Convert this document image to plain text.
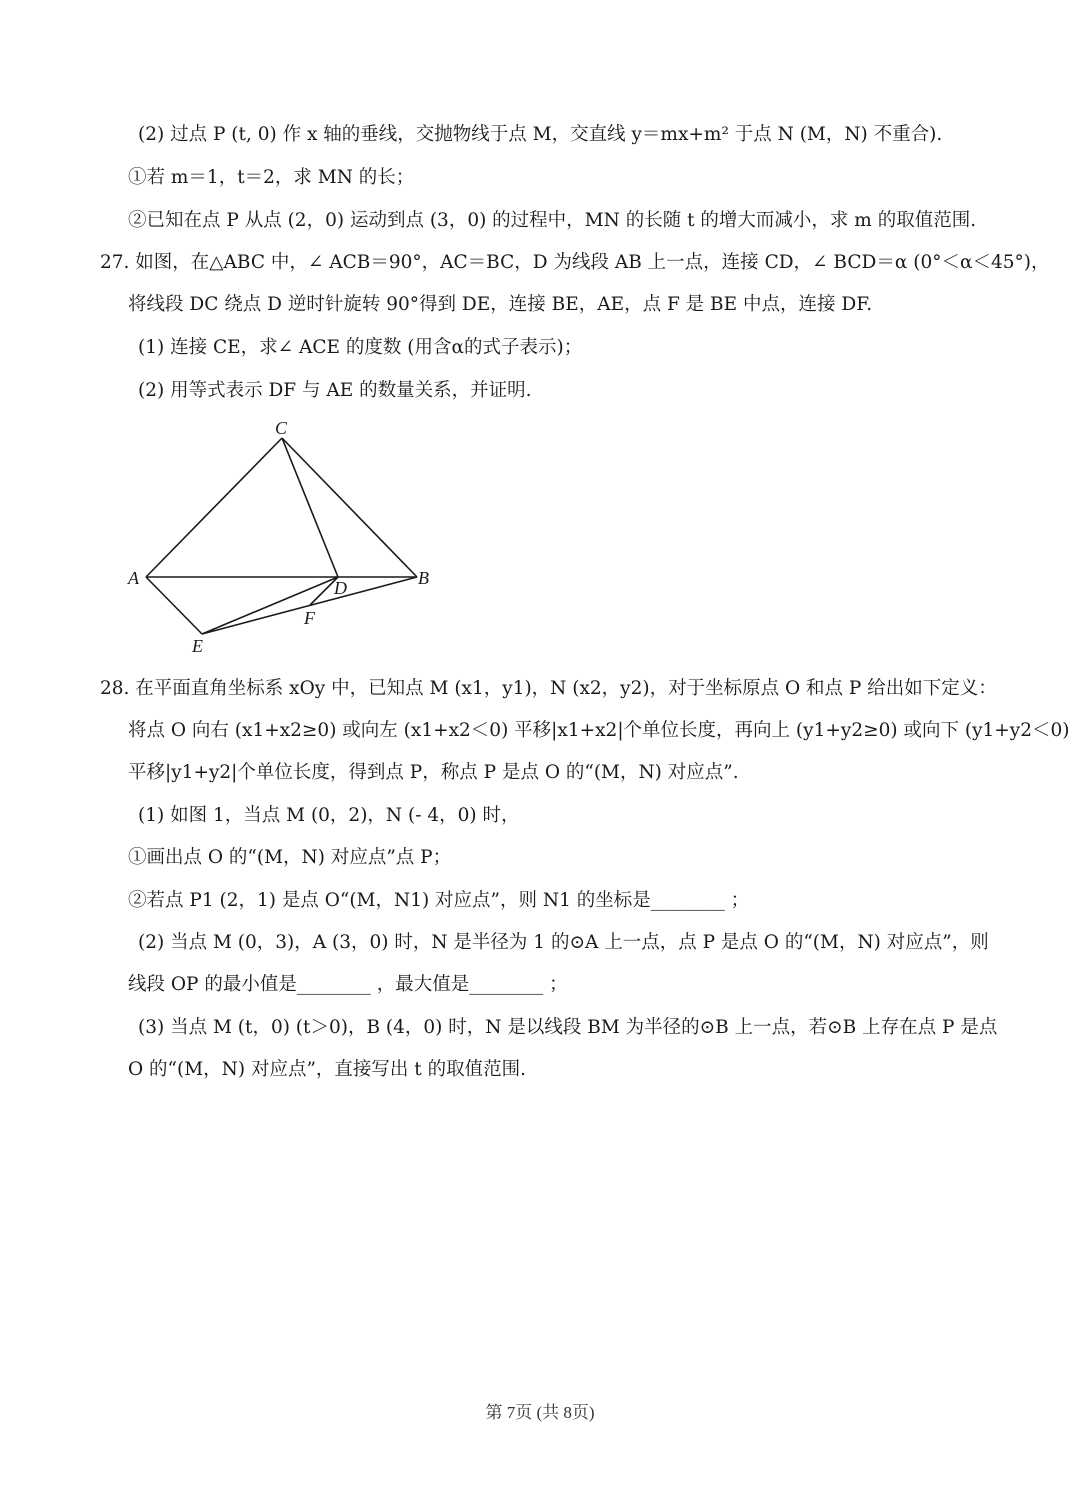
(2) 过点 P (t, 0) 作 x 轴的垂线，交抛物线于点 M，交直线 y＝mx+m² 于点 N (M，N) 不重合).
①若 m＝1，t＝2，求 MN 的长；
②已知在点 P 从点 (2，0) 运动到点 (3，0) 的过程中，MN 的长随 t 的增大而减小，求 m 的取值范围.
27. 如图，在△ABC 中，∠ ACB＝90°，AC＝BC，D 为线段 AB 上一点，连接 CD，∠ BCD＝α (0°＜α＜45°)，
将线段 DC 绕点 D 逆时针旋转 90°得到 DE，连接 BE，AE，点 F 是 BE 中点，连接 DF.
(1) 连接 CE，求∠ ACE 的度数 (用含α的式子表示)；
(2) 用等式表示 DF 与 AE 的数量关系，并证明.
C
A	B
D
F
E
28. 在平面直角坐标系 xOy 中，已知点 M (x1，y1)，N (x2，y2)，对于坐标原点 O 和点 P 给出如下定义：
将点 O 向右 (x1+x2≥0) 或向左 (x1+x2＜0) 平移|x1+x2|个单位长度，再向上 (y1+y2≥0) 或向下 (y1+y2＜0)
平移|y1+y2|个单位长度，得到点 P，称点 P 是点 O 的“(M，N) 对应点”.
(1) 如图 1，当点 M (0，2)，N (- 4，0) 时，
①画出点 O 的“(M，N) 对应点”点 P；
②若点 P1 (2，1) 是点 O“(M，N1) 对应点”，则 N1 的坐标是________ ；
(2) 当点 M (0，3)，A (3，0) 时，N 是半径为 1 的⊙A 上一点，点 P 是点 O 的“(M，N) 对应点”，则
线段 OP 的最小值是________ ，最大值是________ ；
(3) 当点 M (t，0) (t＞0)，B (4，0) 时，N 是以线段 BM 为半径的⊙B 上一点，若⊙B 上存在点 P 是点
O 的“(M，N) 对应点”，直接写出 t 的取值范围.
第 7页 (共 8页)
